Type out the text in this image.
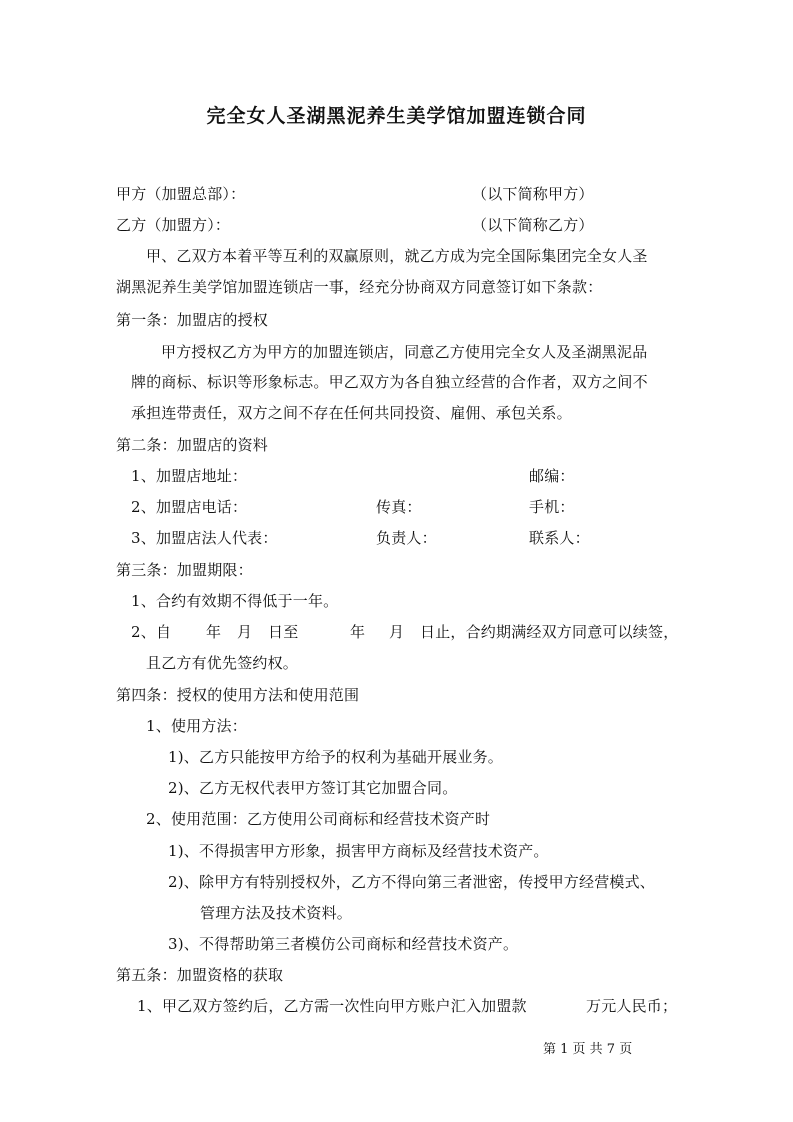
完全女人圣湖黑泥养生美学馆加盟连锁合同
甲方（加盟总部）：	（以下简称甲方）
乙方（加盟方）：	（以下简称乙方）
甲、乙双方本着平等互利的双赢原则，就乙方成为完全国际集团完全女人圣
湖黑泥养生美学馆加盟连锁店一事，经充分协商双方同意签订如下条款：
第一条：加盟店的授权
甲方授权乙方为甲方的加盟连锁店，同意乙方使用完全女人及圣湖黑泥品
牌的商标、标识等形象标志。甲乙双方为各自独立经营的合作者，双方之间不
承担连带责任，双方之间不存在任何共同投资、雇佣、承包关系。
第二条：加盟店的资料
1、加盟店地址：	邮编：
2、加盟店电话：	传真：	手机：
3、加盟店法人代表：	负责人：	联系人：
第三条：加盟期限：
1、合约有效期不得低于一年。
2、自 年 月 日至	年 月 日止，合约期满经双方同意可以续签，
且乙方有优先签约权。
第四条：授权的使用方法和使用范围
1、使用方法：
1)、乙方只能按甲方给予的权利为基础开展业务。
2)、乙方无权代表甲方签订其它加盟合同。
2、使用范围：乙方使用公司商标和经营技术资产时
1)、不得损害甲方形象，损害甲方商标及经营技术资产。
2)、除甲方有特别授权外，乙方不得向第三者泄密，传授甲方经营模式、
管理方法及技术资料。
3)、不得帮助第三者模仿公司商标和经营技术资产。
第五条：加盟资格的获取
1、甲乙双方签约后，乙方需一次性向甲方账户汇入加盟款	万元人民币；
第 1 页 共 7 页
